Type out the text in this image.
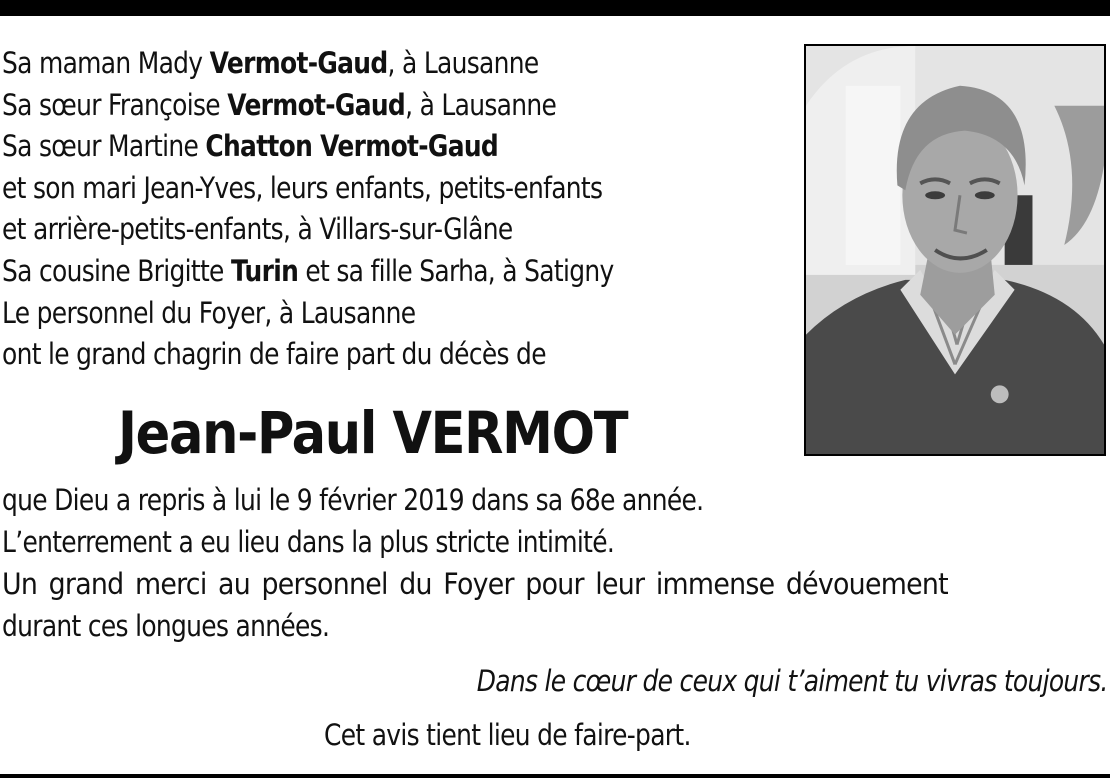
Sa maman Mady Vermot-Gaud, à Lausanne
Sa sœur Françoise Vermot-Gaud, à Lausanne
Sa sœur Martine Chatton Vermot-Gaud
et son mari Jean-Yves, leurs enfants, petits-enfants
et arrière-petits-enfants, à Villars-sur-Glâne
Sa cousine Brigitte Turin et sa fille Sarha, à Satigny
Le personnel du Foyer, à Lausanne
ont le grand chagrin de faire part du décès de
Jean-Paul VERMOT
que Dieu a repris à lui le 9 février 2019 dans sa 68e année.
L’enterrement a eu lieu dans la plus stricte intimité.
Un grand merci au personnel du Foyer pour leur immense dévouement
durant ces longues années.
Dans le cœur de ceux qui t’aiment tu vivras toujours.
Cet avis tient lieu de faire-part.
